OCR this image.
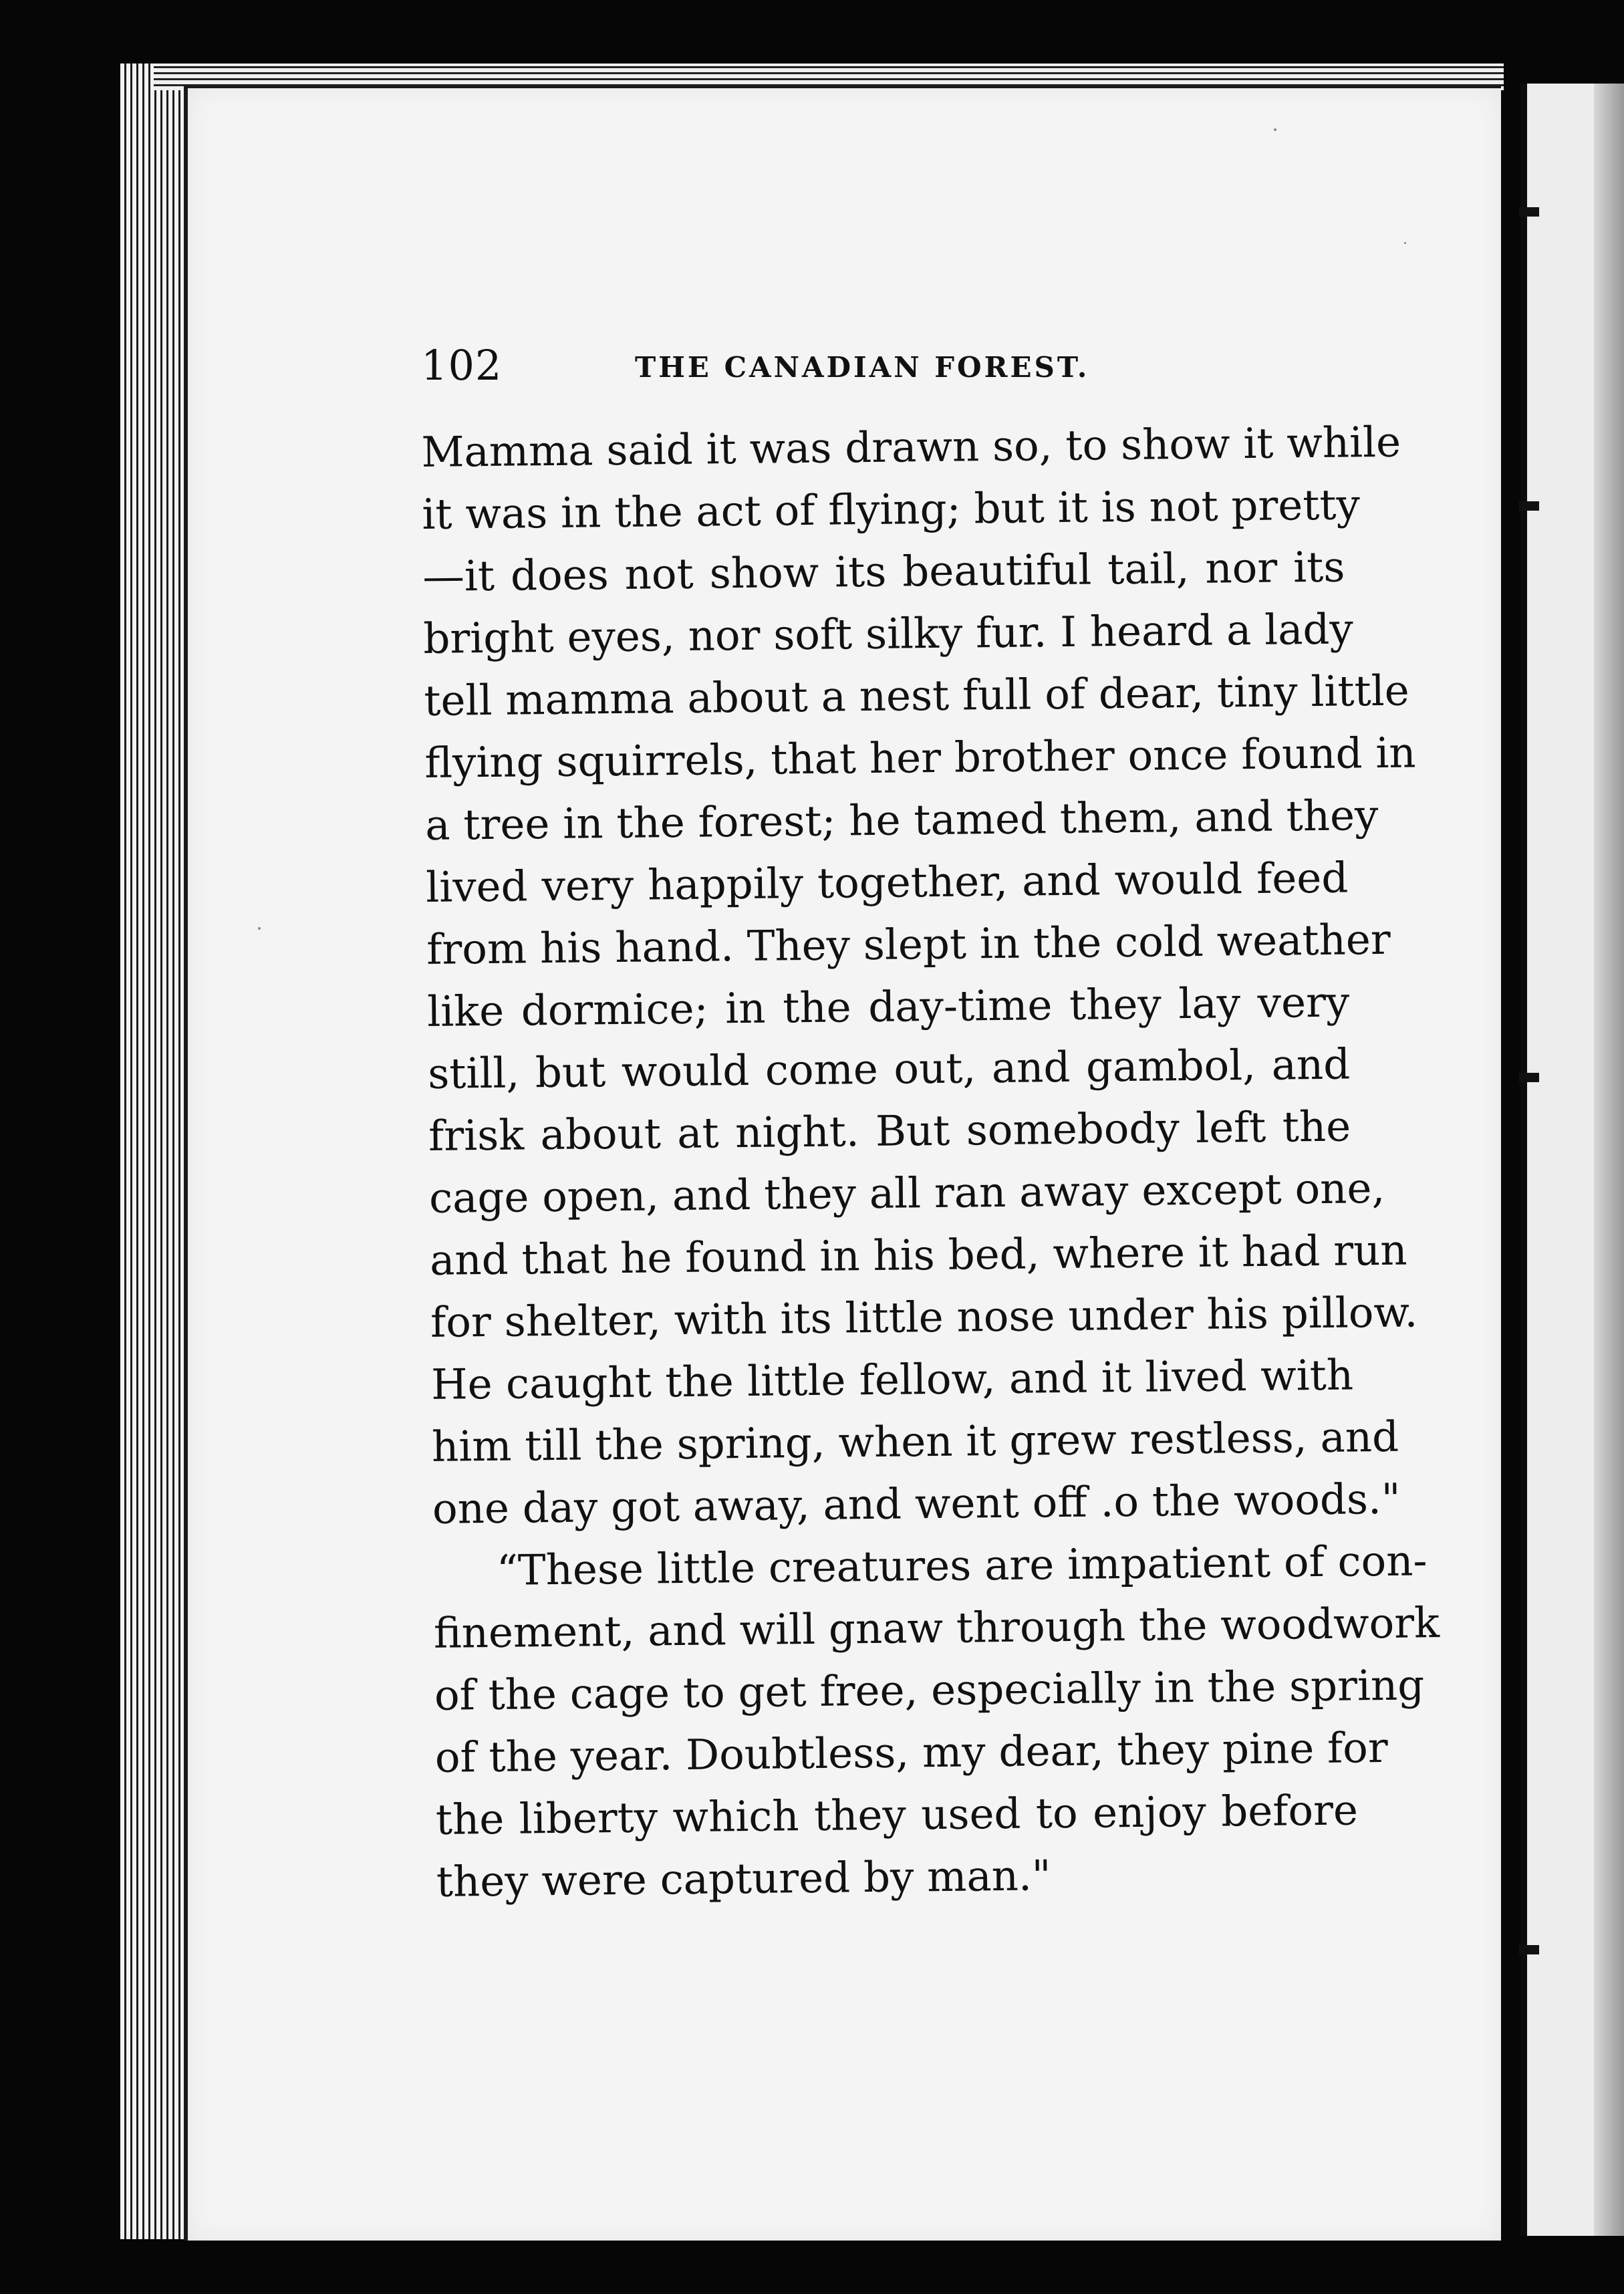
102	THE CANADIAN FOREST.
Mamma said it was drawn so, to show it while
it was in the act of flying; but it is not pretty
—it does not show its beautiful tail, nor its
bright eyes, nor soft silky fur. I heard a lady
tell mamma about a nest full of dear, tiny little
flying squirrels, that her brother once found in
a tree in the forest; he tamed them, and they
lived very happily together, and would feed
from his hand. They slept in the cold weather
like dormice; in the day-time they lay very
still, but would come out, and gambol, and
frisk about at night. But somebody left the
cage open, and they all ran away except one,
and that he found in his bed, where it had run
for shelter, with its little nose under his pillow.
He caught the little fellow, and it lived with
him till the spring, when it grew restless, and
one day got away, and went off .o the woods."
“These little creatures are impatient of con-
finement, and will gnaw through the woodwork
of the cage to get free, especially in the spring
of the year. Doubtless, my dear, they pine for
the liberty which they used to enjoy before
they were captured by man."
